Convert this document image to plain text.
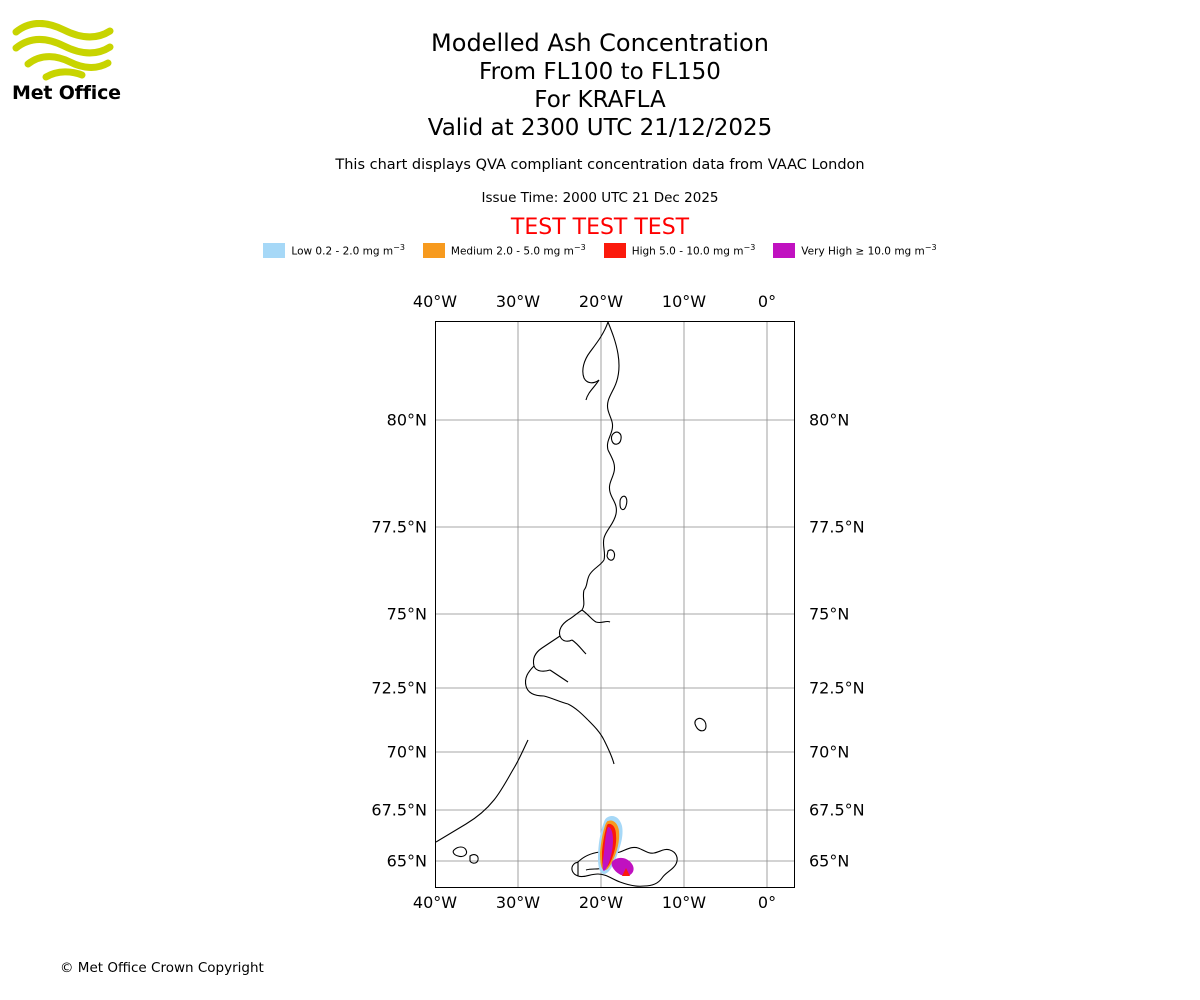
Met Office
Modelled Ash Concentration
From FL100 to FL150
For KRAFLA
Valid at 2300 UTC 21/12/2025
This chart displays QVA compliant concentration data from VAAC London
Issue Time: 2000 UTC 21 Dec 2025
TEST TEST TEST
Low 0.2 - 2.0 mg $m^{-3}$	Medium 2.0 - 5.0 mg $m^{-3}$	High 5.0 - 10.0 mg $m^{-3}$	Very High ≥ 10.0 mg $m^{-3}$
40°W 30°W 20°W 10°W	0°
40°W 30°W 20°W 10°W	0°
80°N
77.5°N
75°N
72.5°N
70°N
67.5°N
65°N
80°N
77.5°N
75°N
72.5°N
70°N
67.5°N
65°N
© Met Office Crown Copyright
